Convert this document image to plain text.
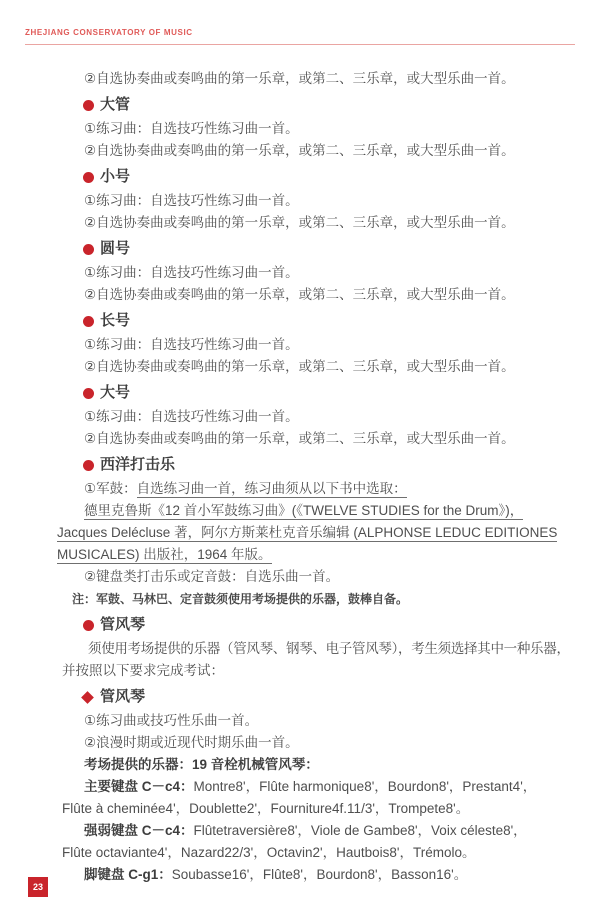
ZHEJIANG CONSERVATORY OF MUSIC

②自选协奏曲或奏鸣曲的第一乐章，或第二、三乐章，或大型乐曲一首。

大管

①练习曲：自选技巧性练习曲一首。

②自选协奏曲或奏鸣曲的第一乐章，或第二、三乐章，或大型乐曲一首。

小号

①练习曲：自选技巧性练习曲一首。

②自选协奏曲或奏鸣曲的第一乐章，或第二、三乐章，或大型乐曲一首。

圆号

①练习曲：自选技巧性练习曲一首。

②自选协奏曲或奏鸣曲的第一乐章，或第二、三乐章，或大型乐曲一首。

长号

①练习曲：自选技巧性练习曲一首。

②自选协奏曲或奏鸣曲的第一乐章，或第二、三乐章，或大型乐曲一首。

大号

①练习曲：自选技巧性练习曲一首。

②自选协奏曲或奏鸣曲的第一乐章，或第二、三乐章，或大型乐曲一首。

西洋打击乐

①军鼓：自选练习曲一首，练习曲须从以下书中选取：

德里克鲁斯《12 首小军鼓练习曲》(《TWELVE STUDIES for the Drum》)，

Jacques Delécluse 著，阿尔方斯莱杜克音乐编辑 (ALPHONSE LEDUC EDITIONES

MUSICALES) 出版社，1964 年版。

②键盘类打击乐或定音鼓：自选乐曲一首。

注：军鼓、马林巴、定音鼓须使用考场提供的乐器，鼓棒自备。

管风琴

须使用考场提供的乐器（管风琴、钢琴、电子管风琴），考生须选择其中一种乐器，

并按照以下要求完成考试：

管风琴

①练习曲或技巧性乐曲一首。

②浪漫时期或近现代时期乐曲一首。

考场提供的乐器：19 音栓机械管风琴：

主要键盘 C－c4：Montre8'，Flûte harmonique8'，Bourdon8'，Prestant4'，

Flûte à cheminée4'，Doublette2'，Fourniture4f.11/3'，Trompete8'。

强弱键盘 C－c4：Flûtetraversière8'，Viole de Gambe8'，Voix céleste8'，

Flûte octaviante4'，Nazard22/3'，Octavin2'，Hautbois8'，Trémolo。

脚键盘 C-g1：Soubasse16'，Flûte8'，Bourdon8'，Basson16'。

23
